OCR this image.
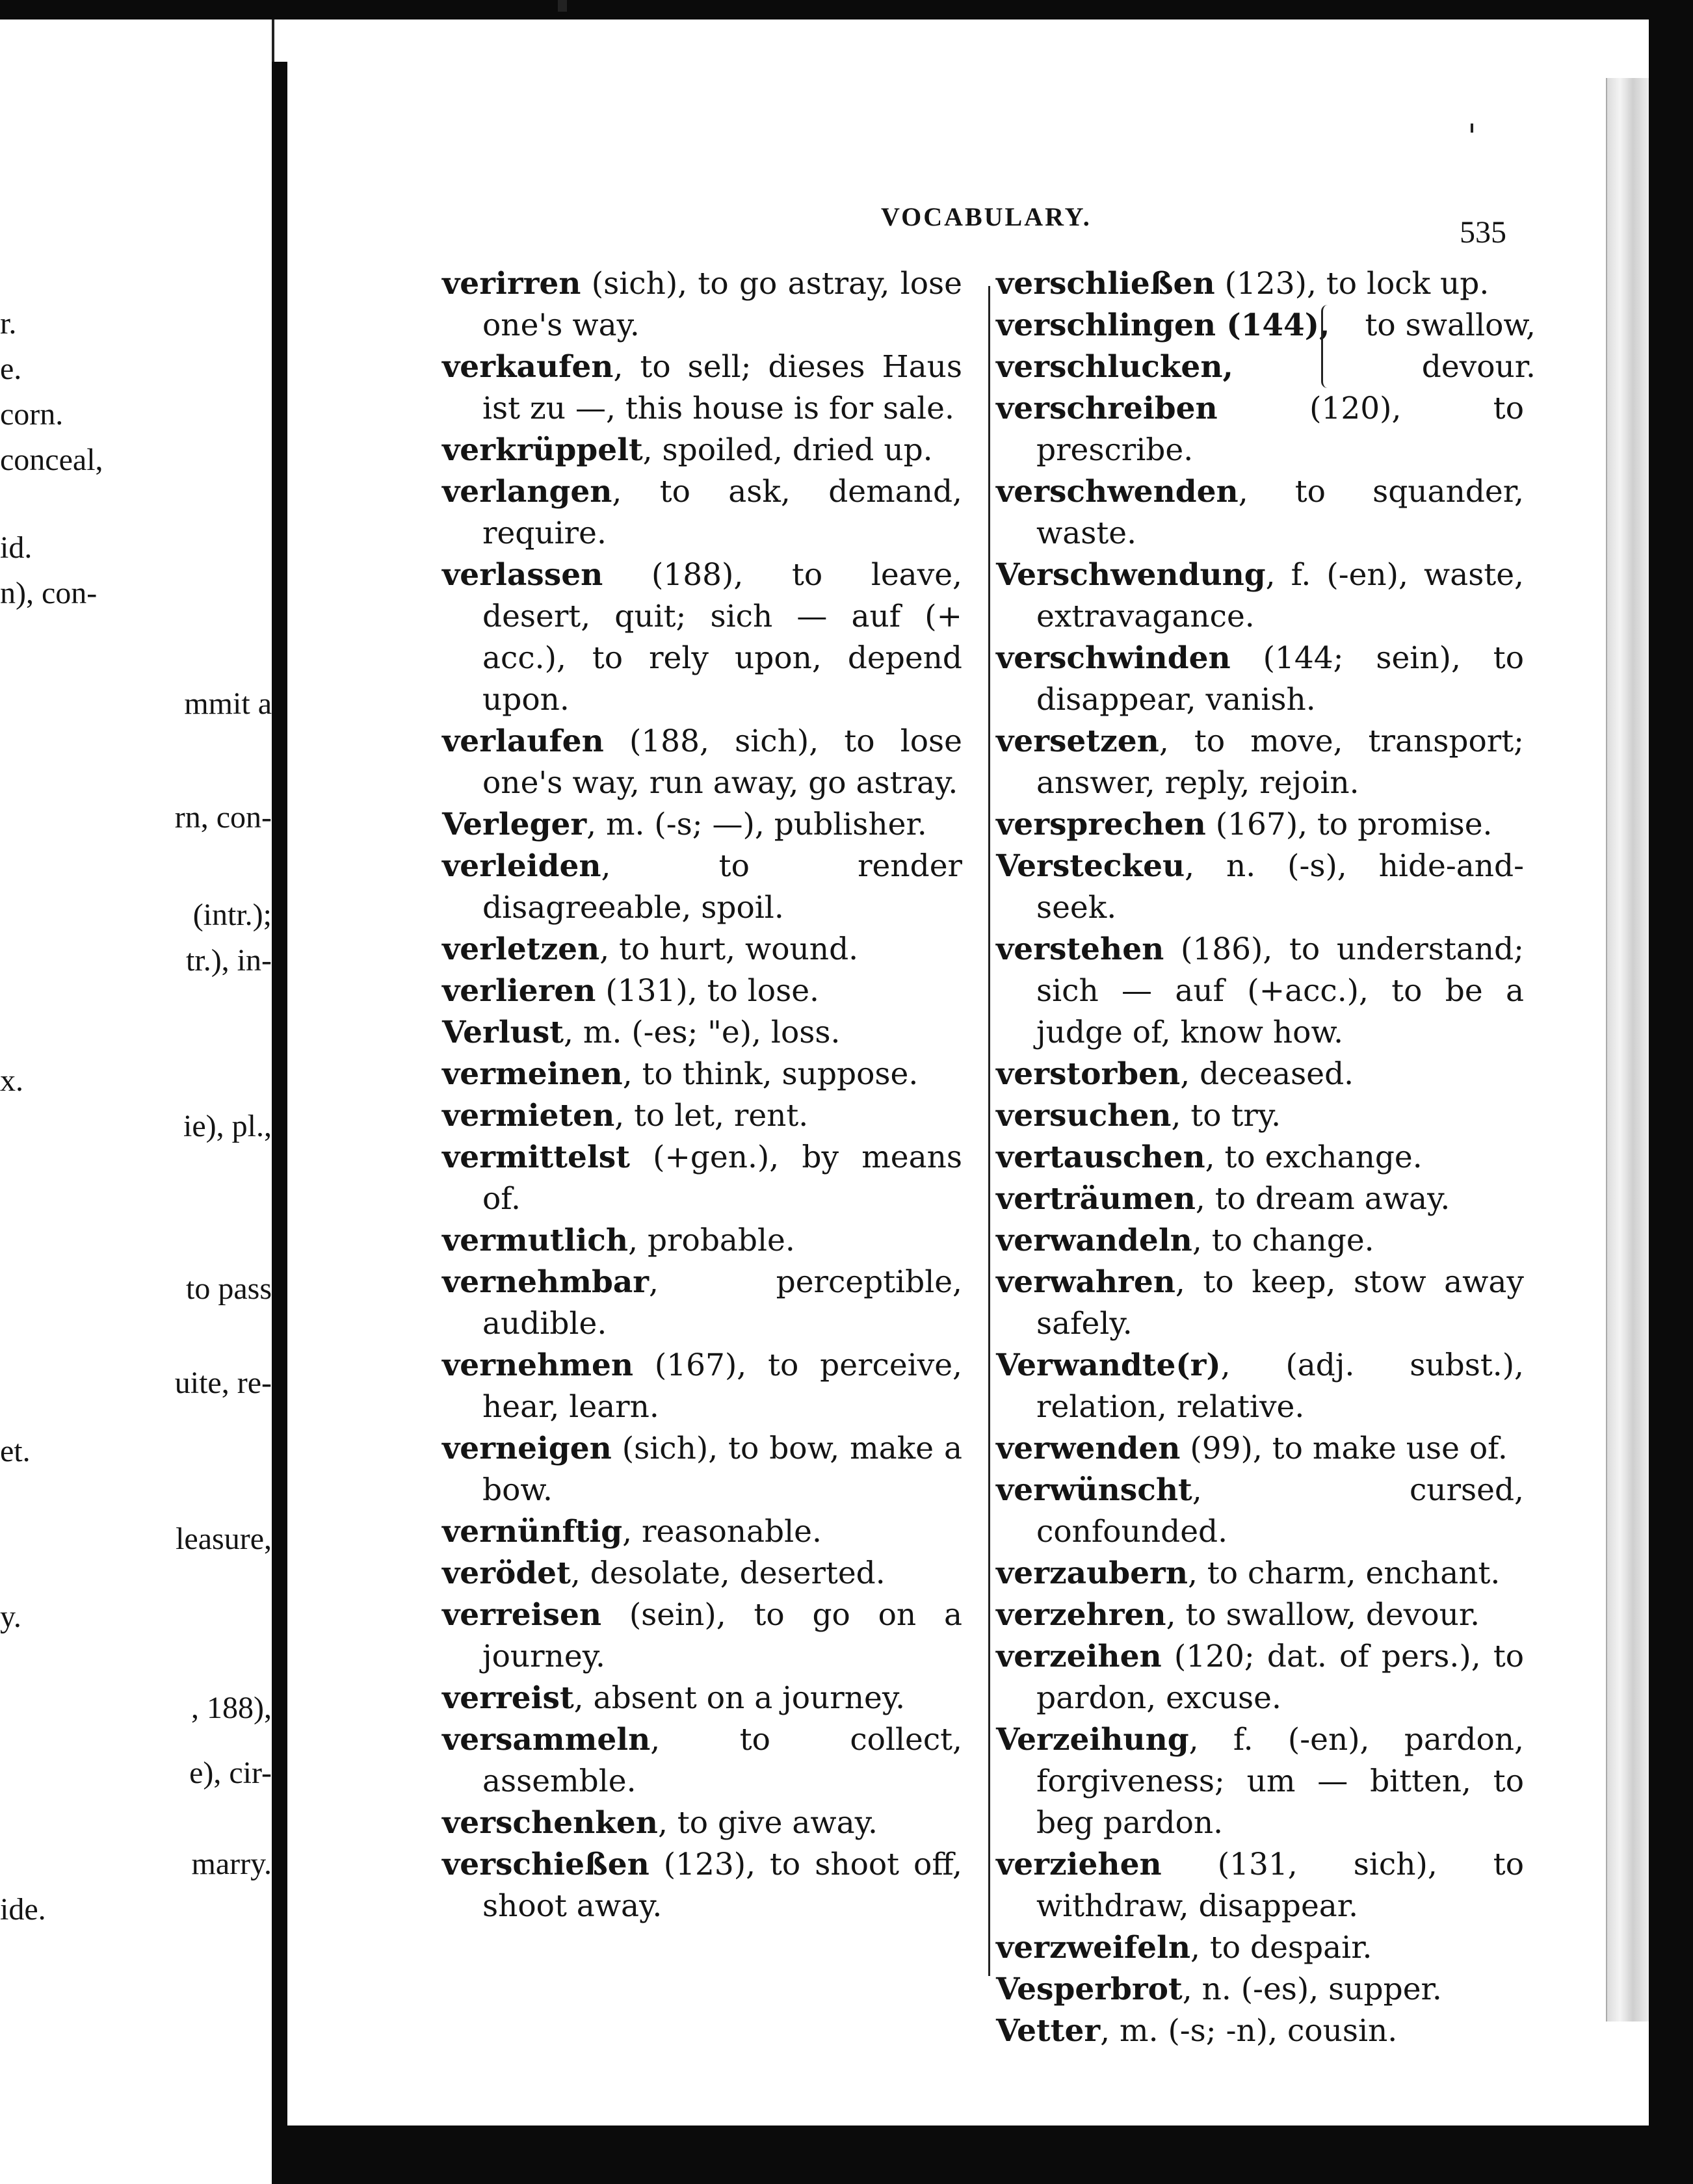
r.
e.
corn.
conceal,
id.
n), con-
mmit a
rn, con-
(intr.);
tr.), in-
x.
ie), pl.,
to pass
uite, re-
et.
leasure,
y.
, 188),
e), cir-
marry.
ide.
VOCABULARY.	535

verirren (sich), to go astray, lose one's way.

verkaufen, to sell; dieses Haus ist zu —, this house is for sale.

verkrüppelt, spoiled, dried up.

verlangen, to ask, demand, require.

verlassen (188), to leave, desert, quit; sich — auf (+ acc.), to rely upon, depend upon.

verlaufen (188, sich), to lose one's way, run away, go astray.

Verleger, m. (-s; —), publisher.

verleiden, to render disagreeable, spoil.

verletzen, to hurt, wound.

verlieren (131), to lose.

Verlust, m. (-es; "e), loss.

vermeinen, to think, suppose.

vermieten, to let, rent.

vermittelst (+gen.), by means of.

vermutlich, probable.

vernehmbar, perceptible, audible.

vernehmen (167), to perceive, hear, learn.

verneigen (sich), to bow, make a bow.

vernünftig, reasonable.

verödet, desolate, deserted.

verreisen (sein), to go on a journey.

verreist, absent on a journey.

versammeln, to collect, assemble.

verschenken, to give away.

verschießen (123), to shoot off, shoot away.

verschließen (123), to lock up.

verschlingen (144),
verschlucken,
to swallow,
devour.

verschreiben (120), to prescribe.

verschwenden, to squander, waste.

Verschwendung, f. (-en), waste, extravagance.

verschwinden (144; sein), to disappear, vanish.

versetzen, to move, transport; answer, reply, rejoin.

versprechen (167), to promise.

Versteckeu, n. (-s), hide-and-seek.

verstehen (186), to understand; sich — auf (+acc.), to be a judge of, know how.

verstorben, deceased.

versuchen, to try.

vertauschen, to exchange.

verträumen, to dream away.

verwandeln, to change.

verwahren, to keep, stow away safely.

Verwandte(r), (adj. subst.), relation, relative.

verwenden (99), to make use of.

verwünscht, cursed, confounded.

verzaubern, to charm, enchant.

verzehren, to swallow, devour.

verzeihen (120; dat. of pers.), to pardon, excuse.

Verzeihung, f. (-en), pardon, forgiveness; um — bitten, to beg pardon.

verziehen (131, sich), to withdraw, disappear.

verzweifeln, to despair.

Vesperbrot, n. (-es), supper.

Vetter, m. (-s; -n), cousin.
